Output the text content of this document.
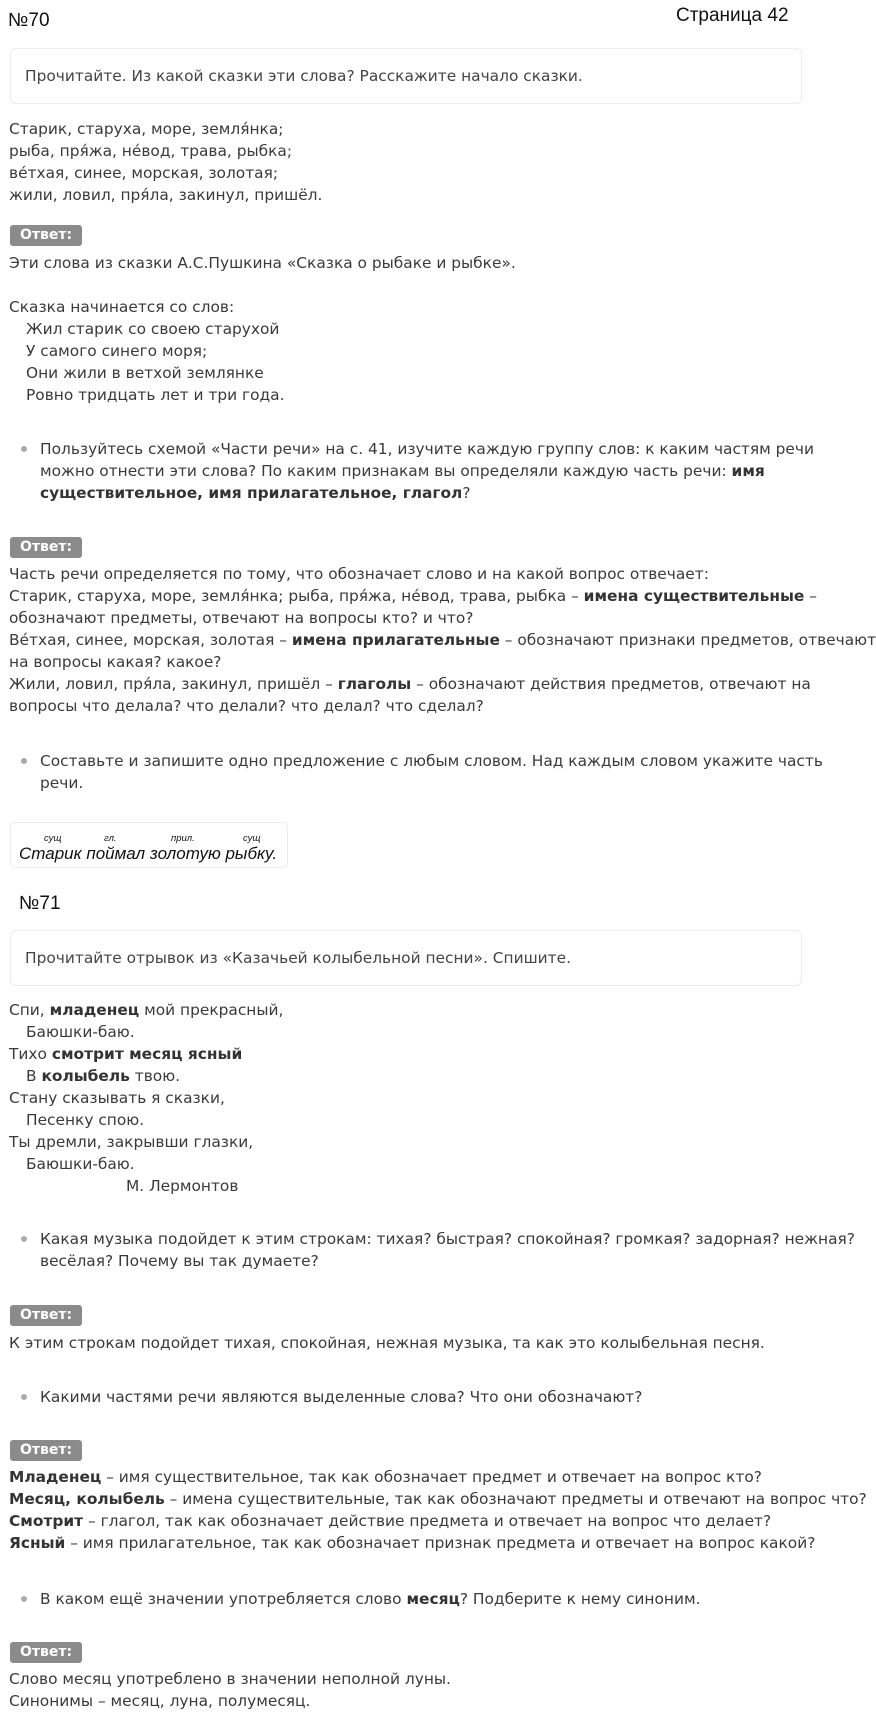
№70	Страница 42
Прочитайте. Из какой сказки эти слова? Расскажите начало сказки.
Старик, старуха, море, земля́нка;
рыба, пря́жа, не́вод, трава, рыбка;
ве́тхая, синее, морская, золотая;
жили, ловил, пря́ла, закинул, пришёл.
Ответ:
Эти слова из сказки А.С.Пушкина «Сказка о рыбаке и рыбке».
Сказка начинается со слов:
Жил старик со своею старухой
У самого синего моря;
Они жили в ветхой землянке
Ровно тридцать лет и три года.
Пользуйтесь схемой «Части речи» на с. 41, изучите каждую группу слов: к каким частям речи
можно отнести эти слова? По каким признакам вы определяли каждую часть речи: имя
существительное, имя прилагательное, глагол?
Ответ:
Часть речи определяется по тому, что обозначает слово и на какой вопрос отвечает:
Старик, старуха, море, земля́нка; рыба, пря́жа, не́вод, трава, рыбка – имена существительные –
обозначают предметы, отвечают на вопросы кто? и что?
Ве́тхая, синее, морская, золотая – имена прилагательные – обозначают признаки предметов, отвечают
на вопросы какая? какое?
Жили, ловил, пря́ла, закинул, пришёл – глаголы – обозначают действия предметов, отвечают на
вопросы что делала? что делали? что делал? что сделал?
Составьте и запишите одно предложение с любым словом. Над каждым словом укажите часть
речи.
сущ	гл.	прил.	сущ
Старик поймал золотую рыбку.
№71
Прочитайте отрывок из «Казачьей колыбельной песни». Спишите.
Спи, младенец мой прекрасный,
Баюшки-баю.
Тихо смотрит месяц ясный
В колыбель твою.
Стану сказывать я сказки,
Песенку спою.
Ты дремли, закрывши глазки,
Баюшки-баю.
М. Лермонтов
Какая музыка подойдет к этим строкам: тихая? быстрая? спокойная? громкая? задорная? нежная?
весёлая? Почему вы так думаете?
Ответ:
К этим строкам подойдет тихая, спокойная, нежная музыка, та как это колыбельная песня.
Какими частями речи являются выделенные слова? Что они обозначают?
Ответ:
Младенец – имя существительное, так как обозначает предмет и отвечает на вопрос кто?
Месяц, колыбель – имена существительные, так как обозначают предметы и отвечают на вопрос что?
Смотрит – глагол, так как обозначает действие предмета и отвечает на вопрос что делает?
Ясный – имя прилагательное, так как обозначает признак предмета и отвечает на вопрос какой?
В каком ещё значении употребляется слово месяц? Подберите к нему синоним.
Ответ:
Слово месяц употреблено в значении неполной луны.
Синонимы – месяц, луна, полумесяц.
